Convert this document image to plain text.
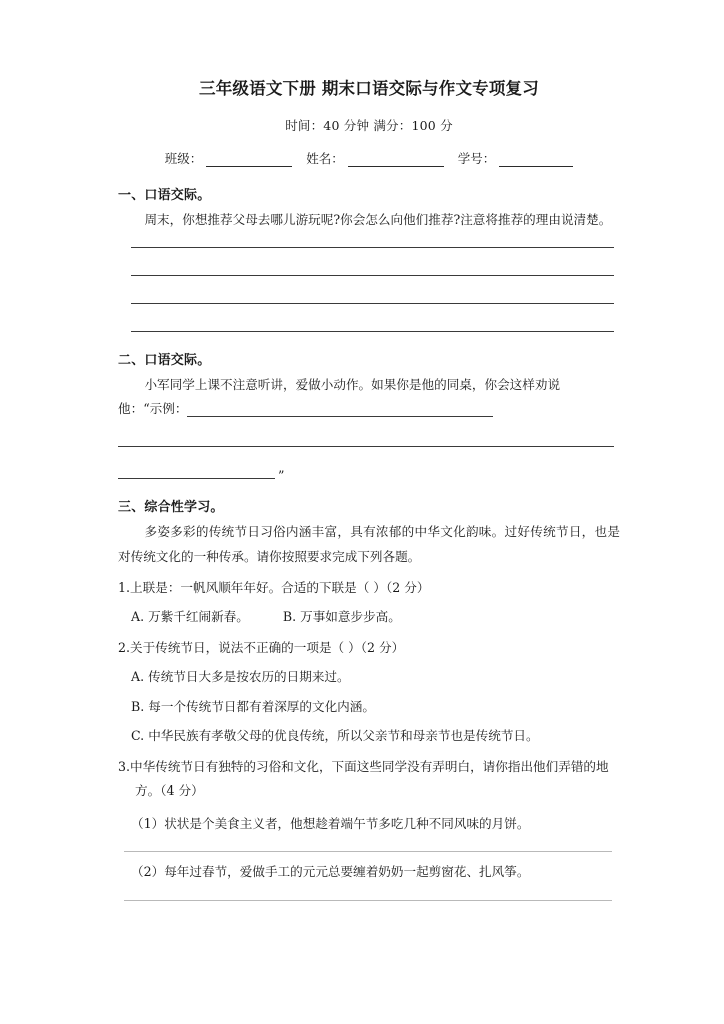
三年级语文下册 期末口语交际与作文专项复习

时间：40 分钟 满分：100 分

班级：	姓名：	学号：
一、口语交际。

周末，你想推荐父母去哪儿游玩呢?你会怎么向他们推荐?注意将推荐的理由说清楚。

二、口语交际。

小军同学上课不注意听讲，爱做小动作。如果你是他的同桌，你会这样劝说

他：“示例：

”
三、综合性学习。

多姿多彩的传统节日习俗内涵丰富，具有浓郁的中华文化韵味。过好传统节日，也是对传统文化的一种传承。请你按照要求完成下列各题。

1.上联是：一帆风顺年年好。合适的下联是（ ）（2 分）

A. 万紫千红闹新春。	B. 万事如意步步高。

2.关于传统节日，说法不正确的一项是（ ）（2 分）

A. 传统节日大多是按农历的日期来过。

B. 每一个传统节日都有着深厚的文化内涵。

C. 中华民族有孝敬父母的优良传统，所以父亲节和母亲节也是传统节日。

3.中华传统节日有独特的习俗和文化，下面这些同学没有弄明白，请你指出他们弄错的地方。（4 分）

（1）状状是个美食主义者，他想趁着端午节多吃几种不同风味的月饼。

（2）每年过春节，爱做手工的元元总要缠着奶奶一起剪窗花、扎风筝。
